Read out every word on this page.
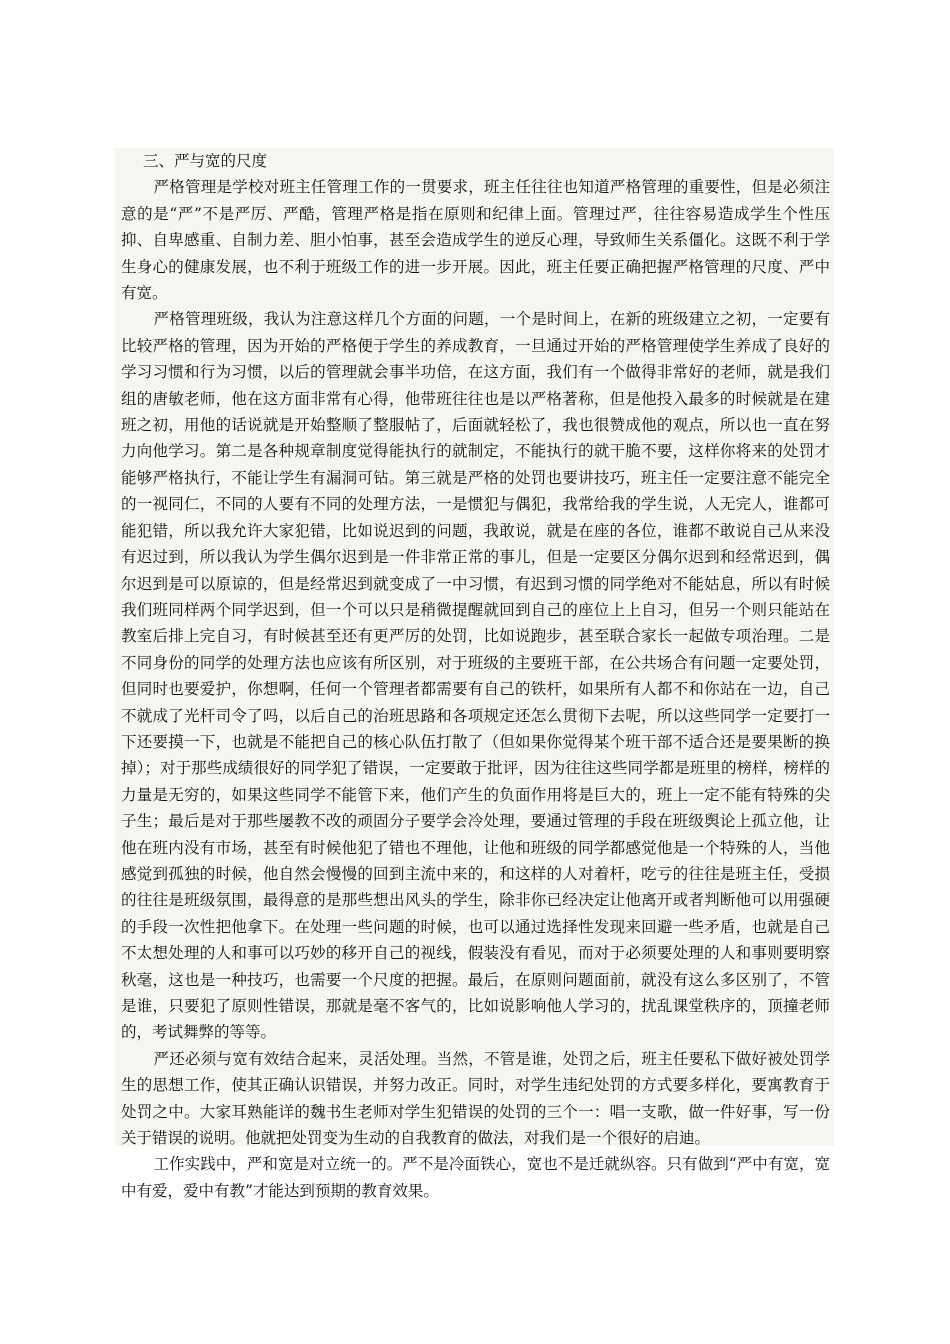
三、严与宽的尺度

严格管理是学校对班主任管理工作的一贯要求，班主任往往也知道严格管理的重要性，但是必须注意的是“严”不是严厉、严酷，管理严格是指在原则和纪律上面。管理过严，往往容易造成学生个性压抑、自卑感重、自制力差、胆小怕事，甚至会造成学生的逆反心理，导致师生关系僵化。这既不利于学生身心的健康发展，也不利于班级工作的进一步开展。因此，班主任要正确把握严格管理的尺度、严中有宽。

严格管理班级，我认为注意这样几个方面的问题，一个是时间上，在新的班级建立之初，一定要有比较严格的管理，因为开始的严格便于学生的养成教育，一旦通过开始的严格管理使学生养成了良好的学习习惯和行为习惯，以后的管理就会事半功倍，在这方面，我们有一个做得非常好的老师，就是我们组的唐敏老师，他在这方面非常有心得，他带班往往也是以严格著称，但是他投入最多的时候就是在建班之初，用他的话说就是开始整顺了整服帖了，后面就轻松了，我也很赞成他的观点，所以也一直在努力向他学习。第二是各种规章制度觉得能执行的就制定，不能执行的就干脆不要，这样你将来的处罚才能够严格执行，不能让学生有漏洞可钻。第三就是严格的处罚也要讲技巧，班主任一定要注意不能完全的一视同仁，不同的人要有不同的处理方法，一是惯犯与偶犯，我常给我的学生说，人无完人，谁都可能犯错，所以我允许大家犯错，比如说迟到的问题，我敢说，就是在座的各位，谁都不敢说自己从来没有迟过到，所以我认为学生偶尔迟到是一件非常正常的事儿，但是一定要区分偶尔迟到和经常迟到，偶尔迟到是可以原谅的，但是经常迟到就变成了一中习惯，有迟到习惯的同学绝对不能姑息，所以有时候我们班同样两个同学迟到，但一个可以只是稍微提醒就回到自己的座位上上自习，但另一个则只能站在教室后排上完自习，有时候甚至还有更严厉的处罚，比如说跑步，甚至联合家长一起做专项治理。二是不同身份的同学的处理方法也应该有所区别，对于班级的主要班干部，在公共场合有问题一定要处罚，但同时也要爱护，你想啊，任何一个管理者都需要有自己的铁杆，如果所有人都不和你站在一边，自己不就成了光杆司令了吗，以后自己的治班思路和各项规定还怎么贯彻下去呢，所以这些同学一定要打一下还要摸一下，也就是不能把自己的核心队伍打散了（但如果你觉得某个班干部不适合还是要果断的换掉）；对于那些成绩很好的同学犯了错误，一定要敢于批评，因为往往这些同学都是班里的榜样，榜样的力量是无穷的，如果这些同学不能管下来，他们产生的负面作用将是巨大的，班上一定不能有特殊的尖子生；最后是对于那些屡教不改的顽固分子要学会冷处理，要通过管理的手段在班级舆论上孤立他，让他在班内没有市场，甚至有时候他犯了错也不理他，让他和班级的同学都感觉他是一个特殊的人，当他感觉到孤独的时候，他自然会慢慢的回到主流中来的，和这样的人对着杆，吃亏的往往是班主任，受损的往往是班级氛围，最得意的是那些想出风头的学生，除非你已经决定让他离开或者判断他可以用强硬的手段一次性把他拿下。在处理一些问题的时候，也可以通过选择性发现来回避一些矛盾，也就是自己不太想处理的人和事可以巧妙的移开自己的视线，假装没有看见，而对于必须要处理的人和事则要明察秋毫，这也是一种技巧，也需要一个尺度的把握。最后，在原则问题面前，就没有这么多区别了，不管是谁，只要犯了原则性错误，那就是毫不客气的，比如说影响他人学习的，扰乱课堂秩序的，顶撞老师的，考试舞弊的等等。

严还必须与宽有效结合起来，灵活处理。当然，不管是谁，处罚之后，班主任要私下做好被处罚学生的思想工作，使其正确认识错误，并努力改正。同时，对学生违纪处罚的方式要多样化，要寓教育于处罚之中。大家耳熟能详的魏书生老师对学生犯错误的处罚的三个一：唱一支歌，做一件好事，写一份关于错误的说明。他就把处罚变为生动的自我教育的做法，对我们是一个很好的启迪。

工作实践中，严和宽是对立统一的。严不是冷面铁心，宽也不是迁就纵容。只有做到“严中有宽，宽中有爱，爱中有教”才能达到预期的教育效果。
